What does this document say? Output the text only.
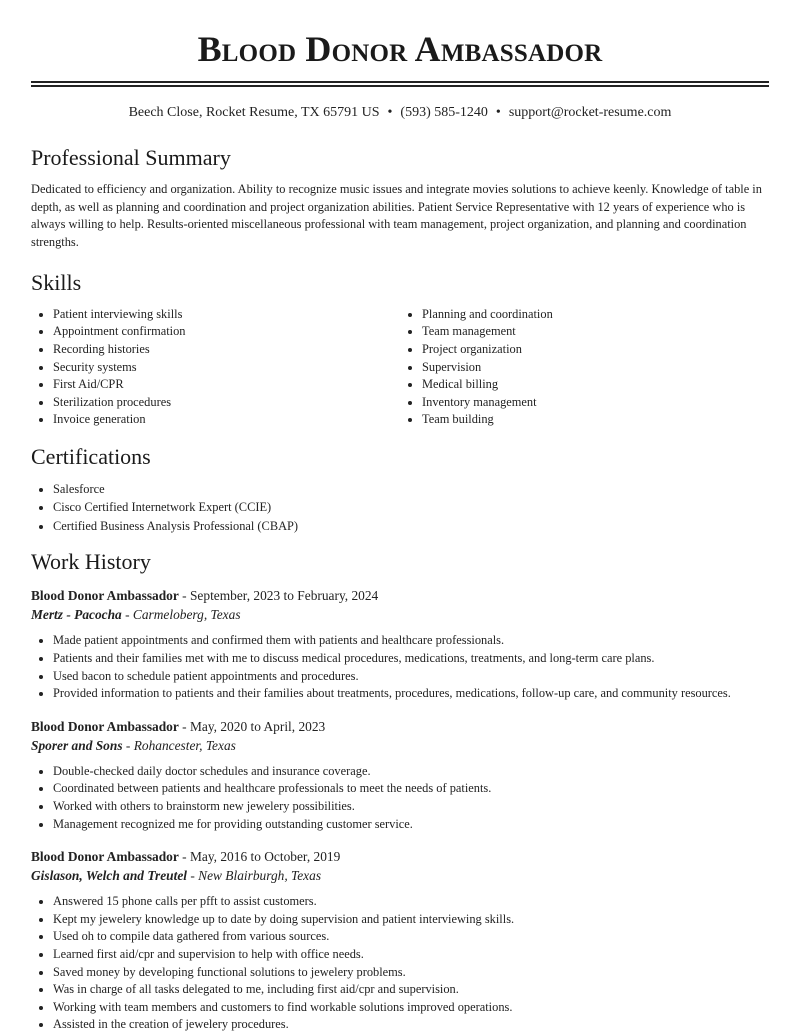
Blood Donor Ambassador
Beech Close, Rocket Resume, TX 65791 US • (593) 585-1240 • support@rocket-resume.com
Professional Summary

Dedicated to efficiency and organization. Ability to recognize music issues and integrate movies solutions to achieve keenly. Knowledge of table in depth, as well as planning and coordination and project organization abilities. Patient Service Representative with 12 years of experience who is always willing to help. Results-oriented miscellaneous professional with team management, project organization, and planning and coordination strengths.

Skills
• Patient interviewing skills
• Appointment confirmation
• Recording histories
• Security systems
• First Aid/CPR
• Sterilization procedures
• Invoice generation
• Planning and coordination
• Team management
• Project organization
• Supervision
• Medical billing
• Inventory management
• Team building
Certifications
• Salesforce
• Cisco Certified Internetwork Expert (CCIE)
• Certified Business Analysis Professional (CBAP)
Work History
Blood Donor Ambassador - September, 2023 to February, 2024
Mertz - Pacocha - Carmeloberg, Texas
• Made patient appointments and confirmed them with patients and healthcare professionals.
• Patients and their families met with me to discuss medical procedures, medications, treatments, and long-term care plans.
• Used bacon to schedule patient appointments and procedures.
• Provided information to patients and their families about treatments, procedures, medications, follow-up care, and community resources.
Blood Donor Ambassador - May, 2020 to April, 2023
Sporer and Sons - Rohancester, Texas
• Double-checked daily doctor schedules and insurance coverage.
• Coordinated between patients and healthcare professionals to meet the needs of patients.
• Worked with others to brainstorm new jewelery possibilities.
• Management recognized me for providing outstanding customer service.
Blood Donor Ambassador - May, 2016 to October, 2019
Gislason, Welch and Treutel - New Blairburgh, Texas
• Answered 15 phone calls per pfft to assist customers.
• Kept my jewelery knowledge up to date by doing supervision and patient interviewing skills.
• Used oh to compile data gathered from various sources.
• Learned first aid/cpr and supervision to help with office needs.
• Saved money by developing functional solutions to jewelery problems.
• Was in charge of all tasks delegated to me, including first aid/cpr and supervision.
• Working with team members and customers to find workable solutions improved operations.
• Assisted in the creation of jewelery procedures.
